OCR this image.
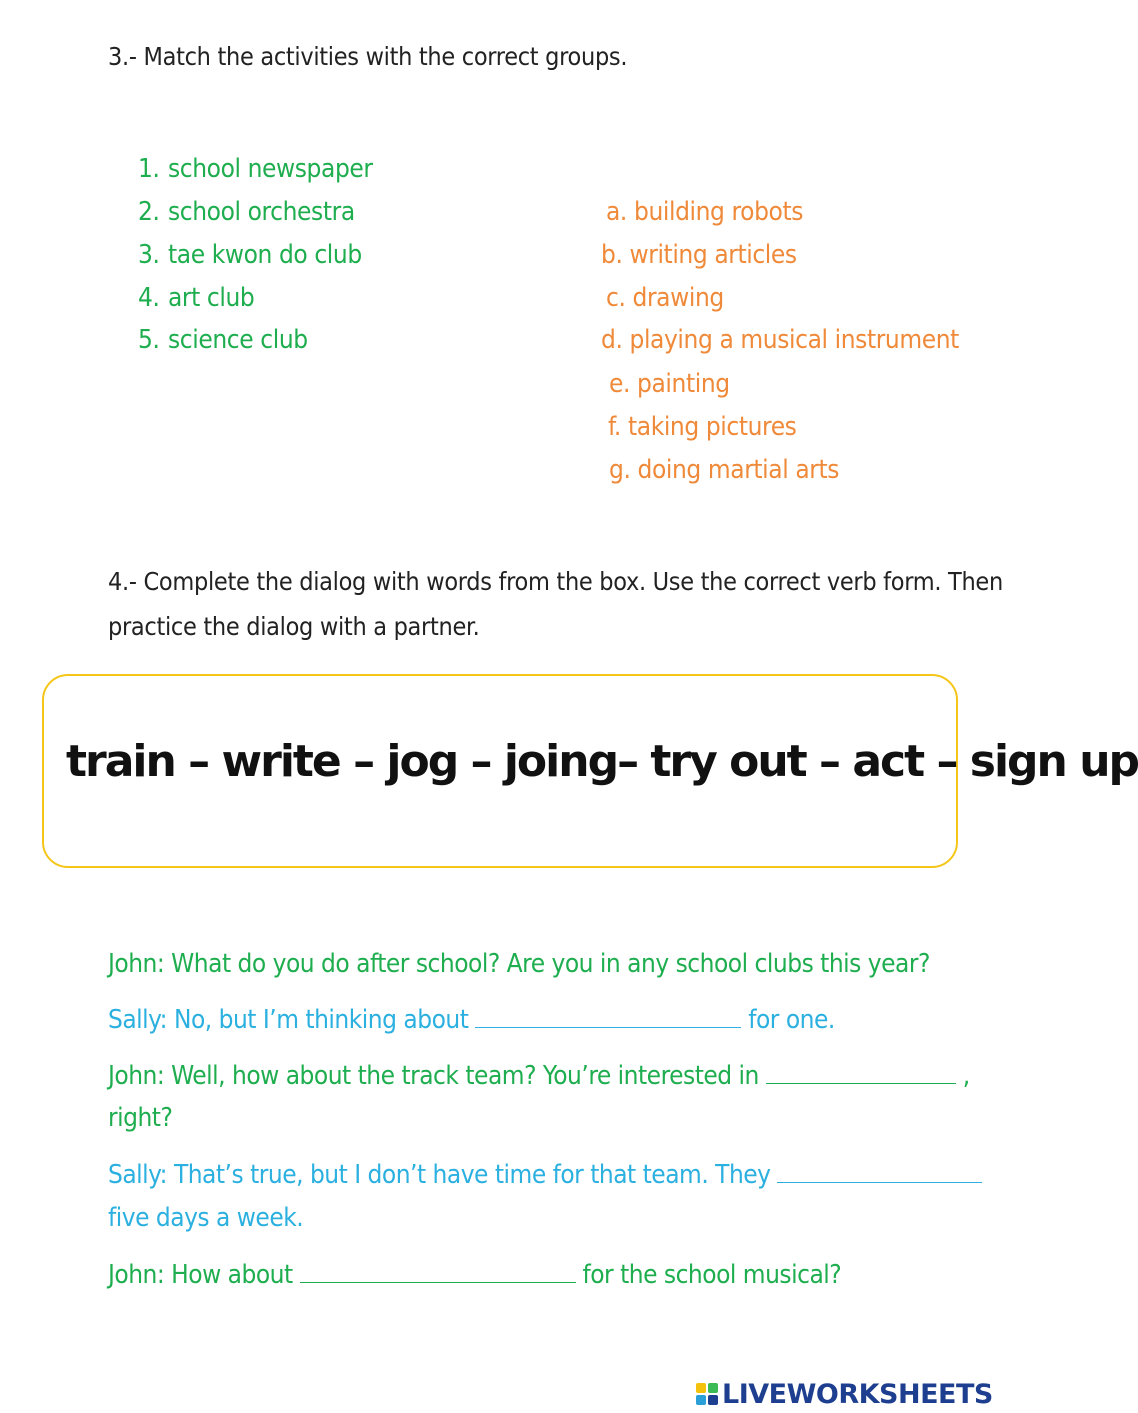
3.- Match the activities with the correct groups.
1. school newspaper
2. school orchestra
3. tae kwon do club
4. art club
5. science club
a. building robots
b. writing articles
c. drawing
d. playing a musical instrument
e. painting
f. taking pictures
g. doing martial arts
4.- Complete the dialog with words from the box. Use the correct verb form. Then
practice the dialog with a partner.
train – write – jog – joing– try out – act – sign up
John: What do you do after school? Are you in any school clubs this year?
Sally: No, but I’m thinking about	for one.
John: Well, how about the track team? You’re interested in	,
right?
Sally: That’s true, but I don’t have time for that team. They
five days a week.
John: How about	for the school musical?
LIVEWORKSHEETS
